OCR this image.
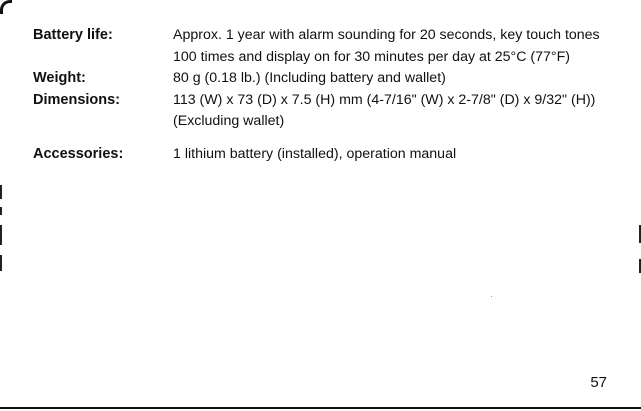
Battery life:	Approx. 1 year with alarm sounding for 20 seconds, key touch tones 100 times and display on for 30 minutes per day at 25°C (77°F)
Weight:	80 g (0.18 lb.) (Including battery and wallet)
Dimensions:	113 (W) x 73 (D) x 7.5 (H) mm (4-7/16" (W) x 2-7/8" (D) x 9/32" (H)) (Excluding wallet)
Accessories:	1 lithium battery (installed), operation manual
57
